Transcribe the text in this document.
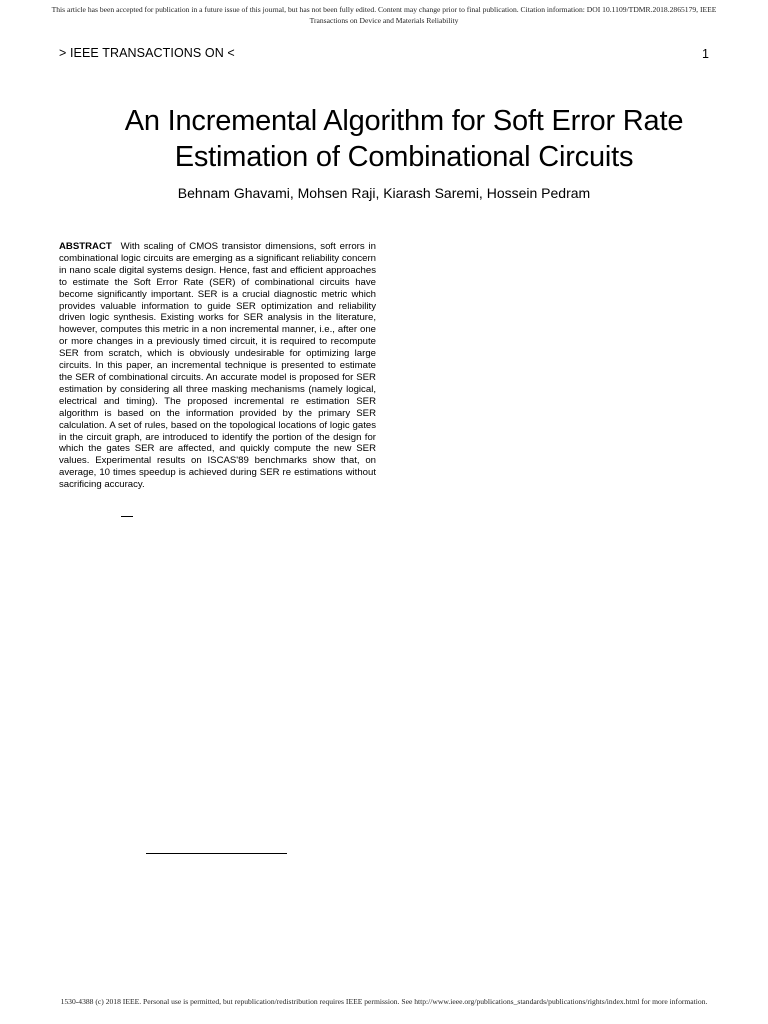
This article has been accepted for publication in a future issue of this journal, but has not been fully edited. Content may change prior to final publication. Citation information: DOI 10.1109/TDMR.2018.2865179, IEEE
Transactions on Device and Materials Reliability
> IEEE TRANSACTIONS ON <	1
An Incremental Algorithm for Soft Error Rate
Estimation of Combinational Circuits
Behnam Ghavami, Mohsen Raji, Kiarash Saremi, Hossein Pedram

ABSTRACT With scaling of CMOS transistor dimensions, soft errors in combinational logic circuits are emerging as a significant reliability concern in nano scale digital systems design. Hence, fast and efficient approaches to estimate the Soft Error Rate (SER) of combinational circuits have become significantly important. SER is a crucial diagnostic metric which provides valuable information to guide SER optimization and reliability driven logic synthesis. Existing works for SER analysis in the literature, however, computes this metric in a non incremental manner, i.e., after one or more changes in a previously timed circuit, it is required to recompute SER from scratch, which is obviously undesirable for optimizing large circuits. In this paper, an incremental technique is presented to estimate the SER of combinational circuits. An accurate model is proposed for SER estimation by considering all three masking mechanisms (namely logical, electrical and timing). The proposed incremental re estimation SER algorithm is based on the information provided by the primary SER calculation. A set of rules, based on the topological locations of logic gates in the circuit graph, are introduced to identify the portion of the design for which the gates SER are affected, and quickly compute the new SER values. Experimental results on ISCAS'89 benchmarks show that, on average, 10 times speedup is achieved during SER re estimations without sacrificing accuracy.

1530-4388 (c) 2018 IEEE. Personal use is permitted, but republication/redistribution requires IEEE permission. See http://www.ieee.org/publications_standards/publications/rights/index.html for more information.
